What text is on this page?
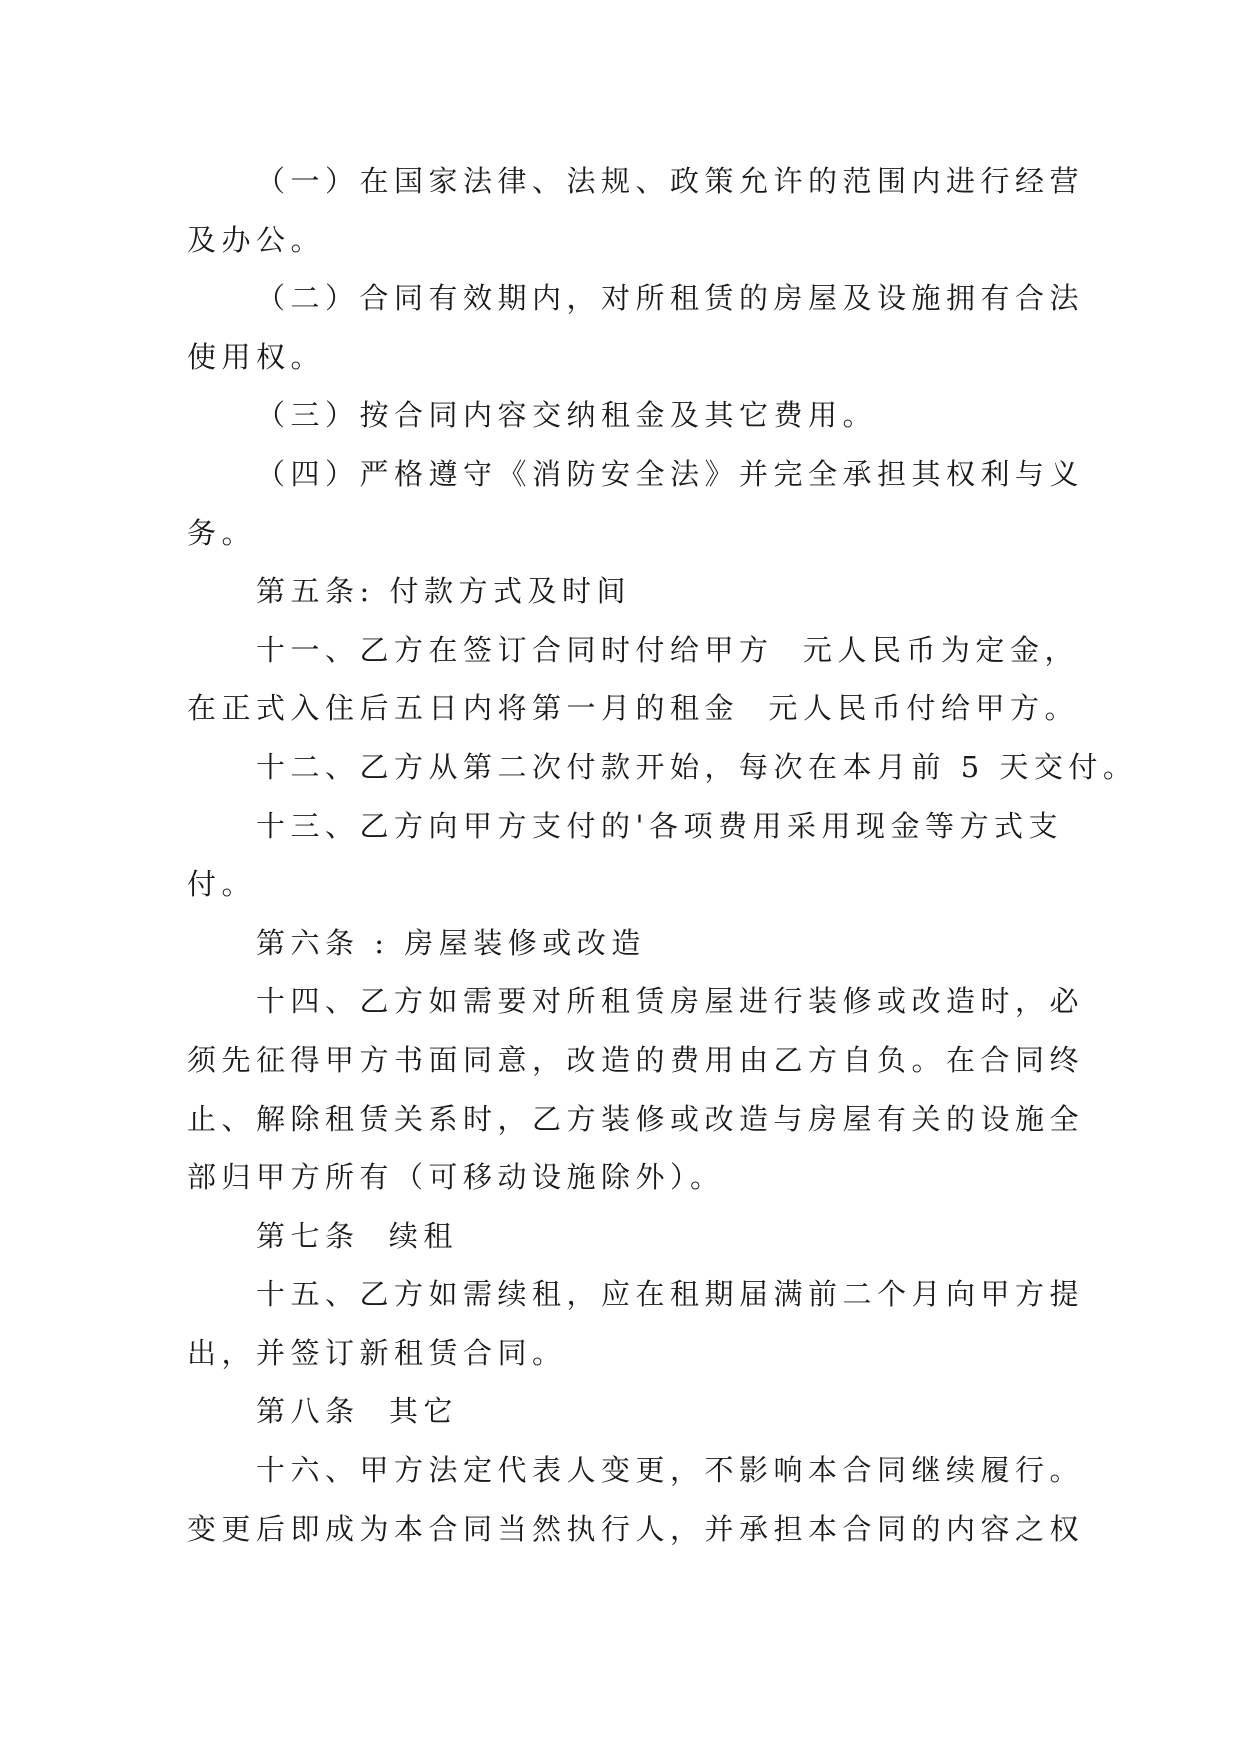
（一）在国家法律、法规、政策允许的范围内进行经营
及办公。

（二）合同有效期内，对所租赁的房屋及设施拥有合法
使用权。

（三）按合同内容交纳租金及其它费用。

（四）严格遵守《消防安全法》并完全承担其权利与义
务。

第五条: 付款方式及时间

十一、乙方在签订合同时付给甲方  元人民币为定金，
在正式入住后五日内将第一月的租金  元人民币付给甲方。

十二、乙方从第二次付款开始，每次在本月前 5 天交付。

十三、乙方向甲方支付的'各项费用采用现金等方式支
付。

第六条 : 房屋装修或改造

十四、乙方如需要对所租赁房屋进行装修或改造时，必
须先征得甲方书面同意，改造的费用由乙方自负。在合同终
止、解除租赁关系时，乙方装修或改造与房屋有关的设施全
部归甲方所有（可移动设施除外）。

第七条  续租

十五、乙方如需续租，应在租期届满前二个月向甲方提
出，并签订新租赁合同。

第八条  其它

十六、甲方法定代表人变更，不影响本合同继续履行。
变更后即成为本合同当然执行人，并承担本合同的内容之权
